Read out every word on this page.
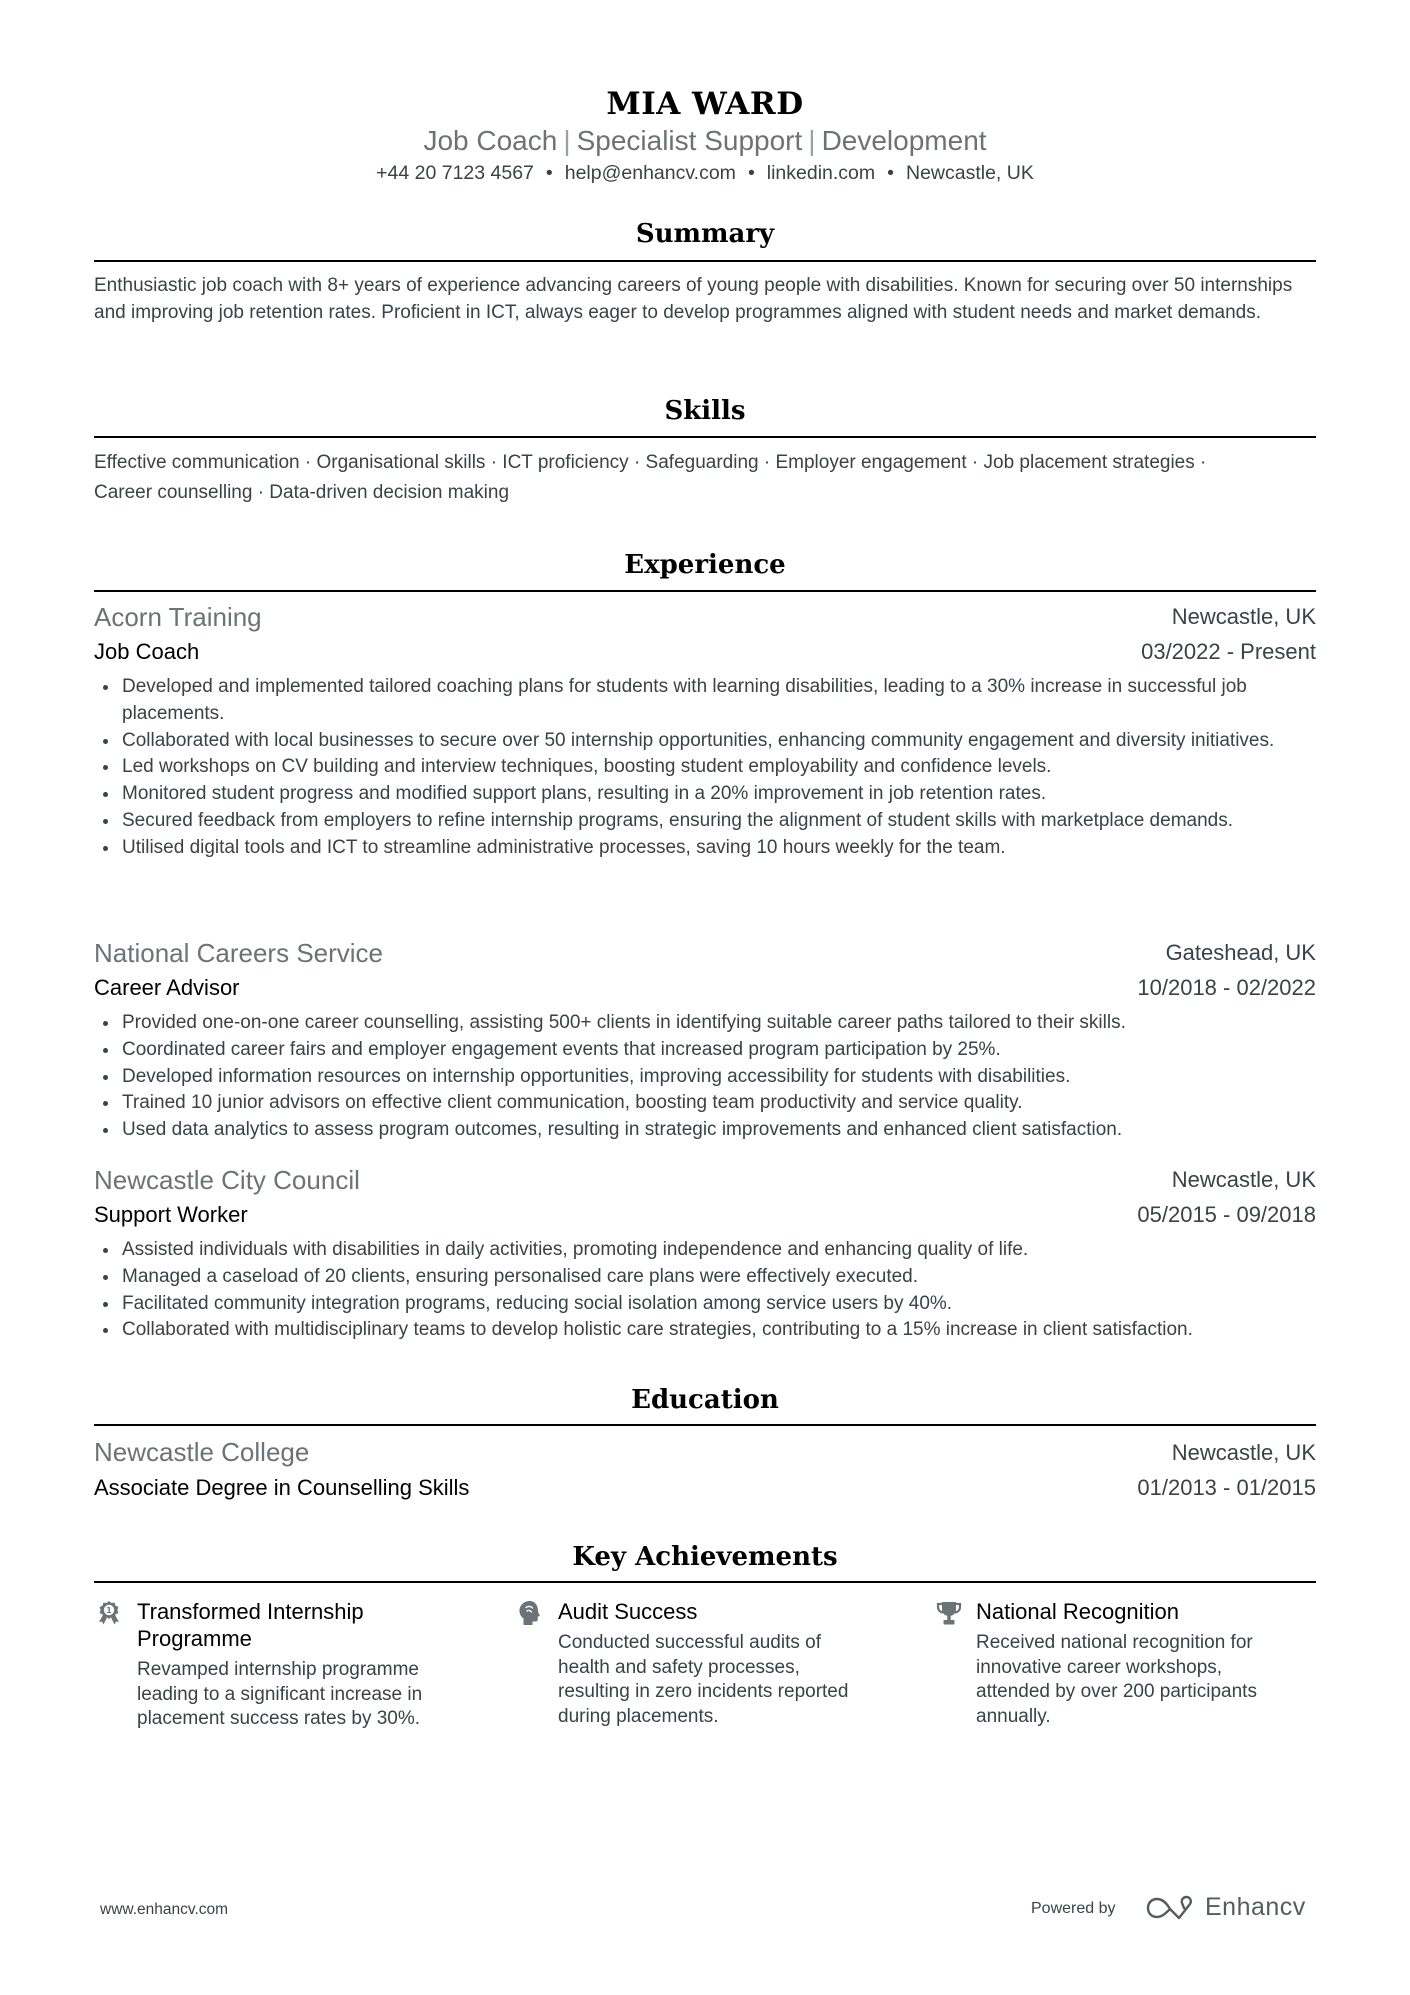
MIA WARD
Job Coach | Specialist Support | Development
+44 20 7123 4567 • help@enhancv.com • linkedin.com • Newcastle, UK
Summary
Enthusiastic job coach with 8+ years of experience advancing careers of young people with disabilities. Known for securing over 50 internships and improving job retention rates. Proficient in ICT, always eager to develop programmes aligned with student needs and market demands.
Skills
Effective communication · Organisational skills · ICT proficiency · Safeguarding · Employer engagement · Job placement strategies ·
Career counselling · Data-driven decision making
Experience
Acorn Training	Newcastle, UK
Job Coach	03/2022 - Present
Developed and implemented tailored coaching plans for students with learning disabilities, leading to a 30% increase in successful job placements.
Collaborated with local businesses to secure over 50 internship opportunities, enhancing community engagement and diversity initiatives.
Led workshops on CV building and interview techniques, boosting student employability and confidence levels.
Monitored student progress and modified support plans, resulting in a 20% improvement in job retention rates.
Secured feedback from employers to refine internship programs, ensuring the alignment of student skills with marketplace demands.
Utilised digital tools and ICT to streamline administrative processes, saving 10 hours weekly for the team.
National Careers Service	Gateshead, UK
Career Advisor	10/2018 - 02/2022
Provided one-on-one career counselling, assisting 500+ clients in identifying suitable career paths tailored to their skills.
Coordinated career fairs and employer engagement events that increased program participation by 25%.
Developed information resources on internship opportunities, improving accessibility for students with disabilities.
Trained 10 junior advisors on effective client communication, boosting team productivity and service quality.
Used data analytics to assess program outcomes, resulting in strategic improvements and enhanced client satisfaction.
Newcastle City Council	Newcastle, UK
Support Worker	05/2015 - 09/2018
Assisted individuals with disabilities in daily activities, promoting independence and enhancing quality of life.
Managed a caseload of 20 clients, ensuring personalised care plans were effectively executed.
Facilitated community integration programs, reducing social isolation among service users by 40%.
Collaborated with multidisciplinary teams to develop holistic care strategies, contributing to a 15% increase in client satisfaction.
Education
Newcastle College	Newcastle, UK
Associate Degree in Counselling Skills	01/2013 - 01/2015
Key Achievements
1 Transformed Internship Programme
Revamped internship programme leading to a significant increase in placement success rates by 30%.
Audit Success
Conducted successful audits of health and safety processes, resulting in zero incidents reported during placements.
National Recognition
Received national recognition for innovative career workshops, attended by over 200 participants annually.
www.enhancv.com	Powered by	Enhancv
